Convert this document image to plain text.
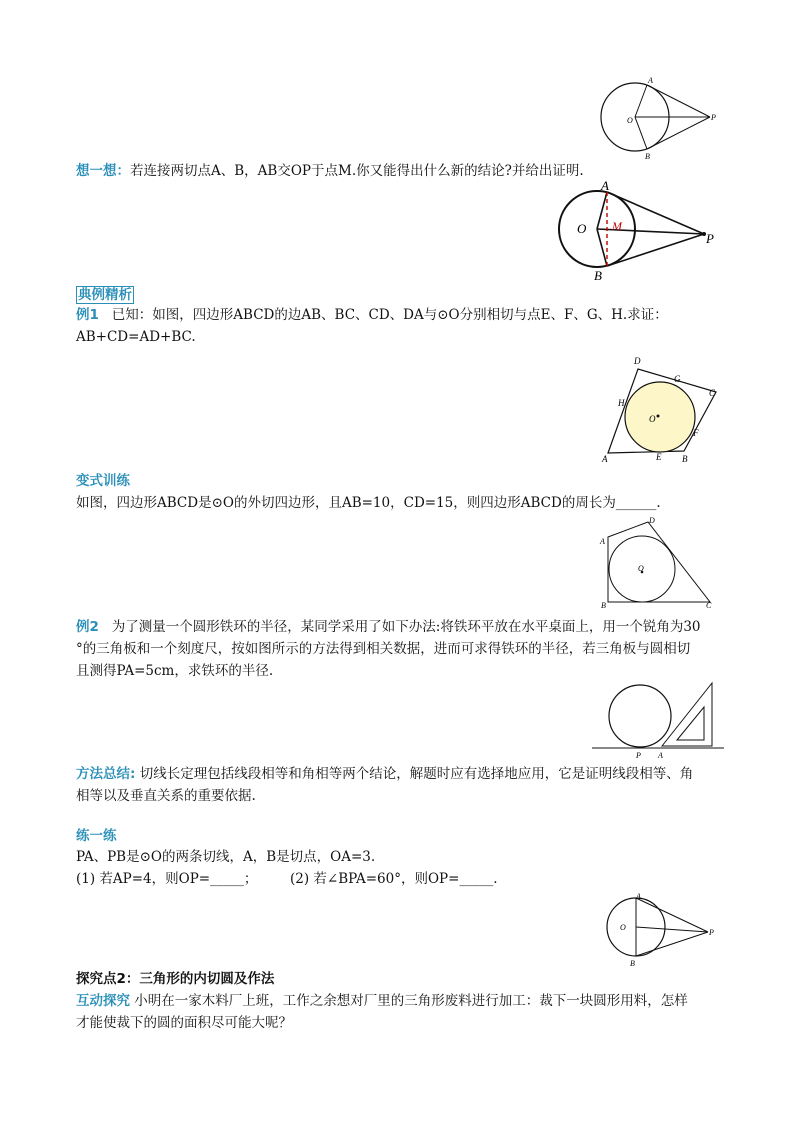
A
O	P
B
想一想：若连接两切点A、B，AB交OP于点M.你又能得出什么新的结论?并给出证明.
A
O M
P
B
典例精析
例1 已知：如图，四边形ABCD的边AB、BC、CD、DA与⊙O分别相切与点E、F、G、H.求证：
AB+CD=AD+BC.
D
G
C
H
O
F
A	E B
变式训练
如图，四边形ABCD是⊙O的外切四边形，且AB=10，CD=15，则四边形ABCD的周长为______.
D
A
O
B	C
例2 为了测量一个圆形铁环的半径，某同学采用了如下办法:将铁环平放在水平桌面上，用一个锐角为30
°的三角板和一个刻度尺，按如图所示的方法得到相关数据，进而可求得铁环的半径，若三角板与圆相切
且测得PA=5cm，求铁环的半径.
P A
方法总结: 切线长定理包括线段相等和角相等两个结论，解题时应有选择地应用，它是证明线段相等、角
相等以及垂直关系的重要依据.
练一练
PA、PB是⊙O的两条切线，A，B是切点，OA=3.
(1) 若AP=4，则OP=_____； (2) 若∠BPA=60°，则OP=_____.
A
O
P
B
探究点2：三角形的内切圆及作法
互动探究 小明在一家木料厂上班，工作之余想对厂里的三角形废料进行加工：裁下一块圆形用料，怎样
才能使裁下的圆的面积尽可能大呢？
